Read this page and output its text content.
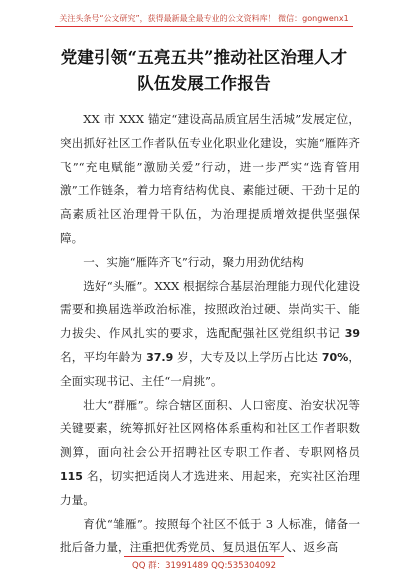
关注头条号“公文研究”，获得最新最全最专业的公文资料库！ 微信：gongwenx1
党建引领“五亮五共”推动社区治理人才
队伍发展工作报告

XX 市 XXX 锚定“建设高品质宜居生活城”发展定位，突出抓好社区工作者队伍专业化职业化建设，实施“雁阵齐飞”“充电赋能”激励关爱”行动，进一步严实“选育管用激”工作链条，着力培育结构优良、素能过硬、干劲十足的高素质社区治理骨干队伍，为治理提质增效提供坚强保障。

一、实施“雁阵齐飞”行动，聚力用劲优结构

选好“头雁”。XXX 根据综合基层治理能力现代化建设需要和换届选举政治标准，按照政治过硬、崇尚实干、能力拔尖、作风扎实的要求，选配配强社区党组织书记 39 名，平均年龄为 37.9 岁，大专及以上学历占比达 70%，全面实现书记、主任“一肩挑”。

壮大“群雁”。综合辖区面积、人口密度、治安状况等关键要素，统筹抓好社区网格体系重构和社区工作者职数测算，面向社会公开招聘社区专职工作者、专职网格员 115 名，切实把适岗人才选进来、用起来，充实社区治理力量。

育优“雏雁”。按照每个社区不低于 3 人标准，储备一批后备力量，注重把优秀党员、复员退伍军人、返乡高

QQ 群：31991489 QQ:535304092
